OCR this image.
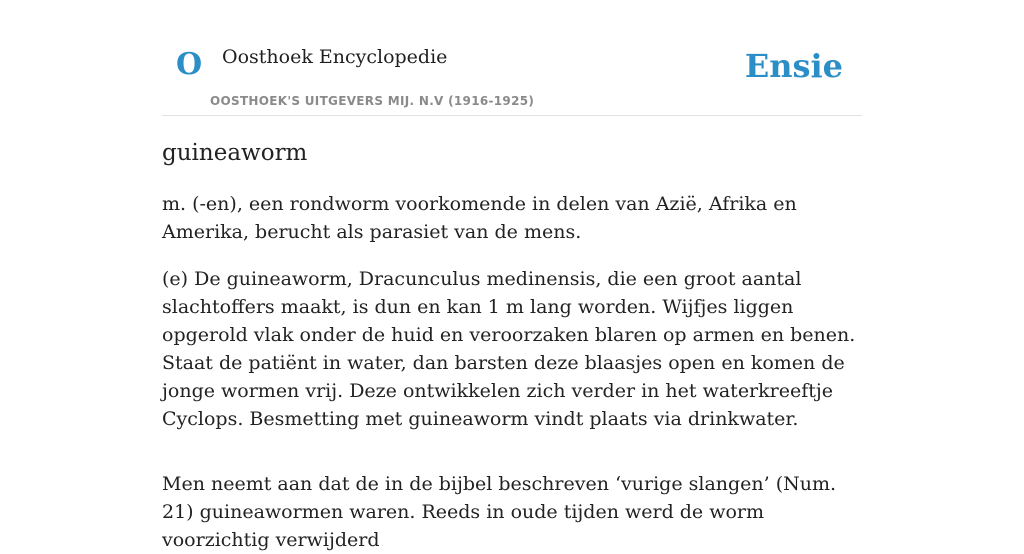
O Oosthoek Encyclopedie
OOSTHOEK'S UITGEVERS MIJ. N.V (1916-1925)
Ensie
guineaworm

m. (-en), een rondworm voorkomende in delen van Azië, Afrika en Amerika, berucht als parasiet van de mens.

(e) De guineaworm, Dracunculus medinensis, die een groot aantal slachtoffers maakt, is dun en kan 1 m lang worden. Wijfjes liggen opgerold vlak onder de huid en veroorzaken blaren op armen en benen. Staat de patiënt in water, dan barsten deze blaasjes open en komen de jonge wormen vrij. Deze ontwikkelen zich verder in het waterkreeftje Cyclops. Besmetting met guineaworm vindt plaats via drinkwater.

Men neemt aan dat de in de bijbel beschreven ‘vurige slangen’ (Num. 21) guineawormen waren. Reeds in oude tijden werd de worm voorzichtig verwijderd
